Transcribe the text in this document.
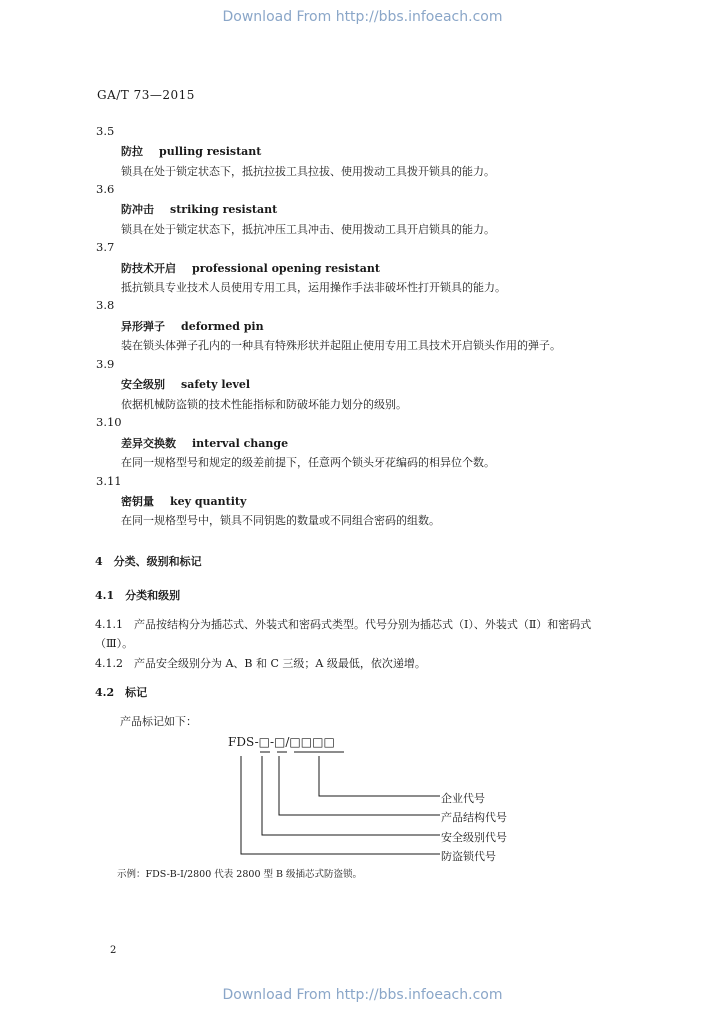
Download From http://bbs.infoeach.com
GA/T 73—2015
3.5
防拉 pulling resistant
锁具在处于锁定状态下，抵抗拉拔工具拉拔、使用拨动工具拨开锁具的能力。
3.6
防冲击 striking resistant
锁具在处于锁定状态下，抵抗冲压工具冲击、使用拨动工具开启锁具的能力。
3.7
防技术开启 professional opening resistant
抵抗锁具专业技术人员使用专用工具，运用操作手法非破坏性打开锁具的能力。
3.8
异形弹子 deformed pin
装在锁头体弹子孔内的一种具有特殊形状并起阻止使用专用工具技术开启锁头作用的弹子。
3.9
安全级别 safety level
依据机械防盗锁的技术性能指标和防破坏能力划分的级别。
3.10
差异交换数 interval change
在同一规格型号和规定的级差前提下，任意两个锁头牙花编码的相异位个数。
3.11
密钥量 key quantity
在同一规格型号中，锁具不同钥匙的数量或不同组合密码的组数。
4　分类、级别和标记
4.1　分类和级别
4.1.1　产品按结构分为插芯式、外装式和密码式类型。代号分别为插芯式（Ⅰ）、外装式（Ⅱ）和密码式
（Ⅲ）。
4.1.2　产品安全级别分为 A、B 和 C 三级；A 级最低，依次递增。
4.2　标记
产品标记如下：
FDS-□-□/□□□□
企业代号
产品结构代号
安全级别代号
防盗锁代号
示例：FDS-B-Ⅰ/2800 代表 2800 型 B 级插芯式防盗锁。
2
Download From http://bbs.infoeach.com
